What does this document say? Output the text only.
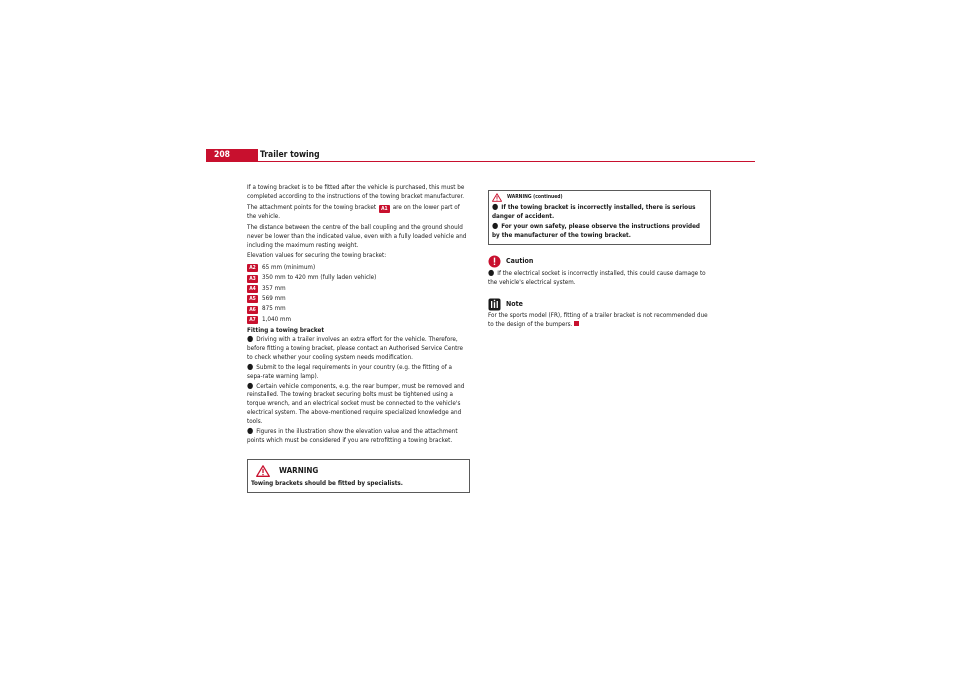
208	Trailer towing

If a towing bracket is to be fitted after the vehicle is purchased, this must be completed according to the instructions of the towing bracket manufacturer.

The attachment points for the towing bracket A1 are on the lower part of the vehicle.

The distance between the centre of the ball coupling and the ground should never be lower than the indicated value, even with a fully loaded vehicle and including the maximum resting weight.

Elevation values for securing the towing bracket:

A2 65 mm (minimum)
A3 350 mm to 420 mm (fully laden vehicle)
A4 357 mm
A5 569 mm
A6 875 mm
A7 1,040 mm
Fitting a towing bracket
● Driving with a trailer involves an extra effort for the vehicle. Therefore, before fitting a towing bracket, please contact an Authorised Service Centre to check whether your cooling system needs modification.
● Submit to the legal requirements in your country (e.g. the fitting of a sepa-rate warning lamp).
● Certain vehicle components, e.g. the rear bumper, must be removed and reinstalled. The towing bracket securing bolts must be tightened using a torque wrench, and an electrical socket must be connected to the vehicle's electrical system. The above-mentioned require specialized knowledge and tools.
● Figures in the illustration show the elevation value and the attachment points which must be considered if you are retrofitting a towing bracket.
WARNING
Towing brackets should be fitted by specialists.
WARNING (continued)
● If the towing bracket is incorrectly installed, there is serious danger of accident.
● For your own safety, please observe the instructions provided by the manufacturer of the towing bracket.
Caution
● If the electrical socket is incorrectly installed, this could cause damage to the vehicle's electrical system.
Note

For the sports model (FR), fitting of a trailer bracket is not recommended due to the design of the bumpers.
